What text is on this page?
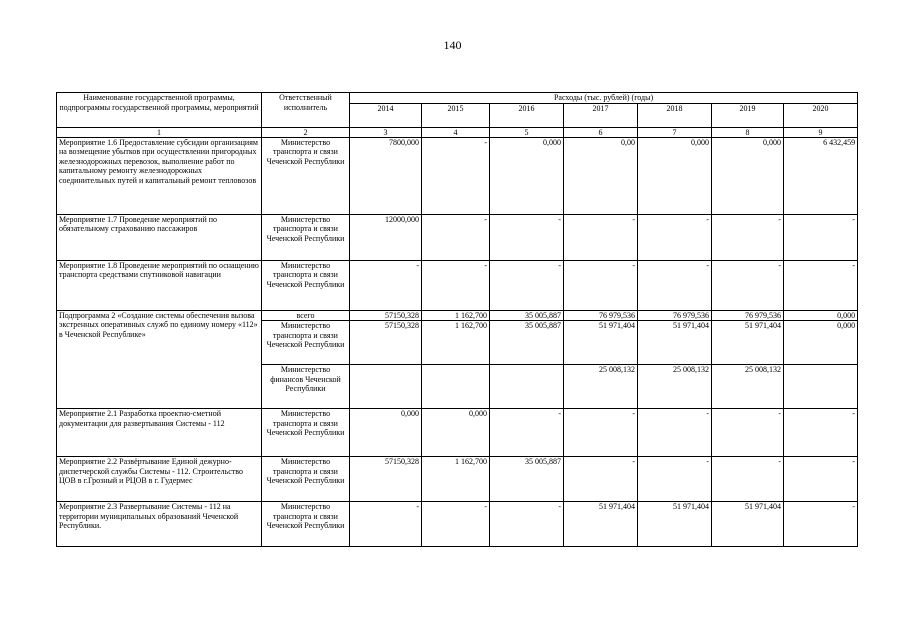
140
Наименование государственной программы, подпрограммы государственной программы, мероприятий	Ответственный исполнитель	Расходы (тыс. рублей) (годы)						
		2014	2015	2016	2017	2018	2019	2020
1	2	3	4	5	6	7	8	9
Мероприятие 1.6 Предоставление субсидии организациям на возмещение убытков при осуществлении пригородных железнодорожных перевозок, выполнение работ по капитальному ремонту железнодорожных соединительных путей и капитальный ремонт тепловозов	Министерство транспорта и связи Чеченской Республики	7800,000	-	0,000	0,00	0,000	0,000	6 432,459
Мероприятие 1.7 Проведение мероприятий по обязательному страхованию пассажиров	Министерство транспорта и связи Чеченской Республики	12000,000	-	-	-	-	-	-
Мероприятие 1.8 Проведение мероприятий по оснащению транспорта средствами спутниковой навигации	Министерство транспорта и связи Чеченской Республики	-	-	-	-	-	-	-
Подпрограмма 2 «Создание системы обеспечения вызова экстренных оперативных служб по единому номеру «112» в Чеченской Республике»	всего	57150,328	1 162,700	35 005,887	76 979,536	76 979,536	76 979,536	0,000
	Министерство транспорта и связи Чеченской Республики	57150,328	1 162,700	35 005,887	51 971,404	51 971,404	51 971,404	0,000
	Министерство финансов Чеченской Республики				25 008,132	25 008,132	25 008,132	
Мероприятие 2.1 Разработка проектно-сметной документации для развертывания Системы - 112	Министерство транспорта и связи Чеченской Республики	0,000	0,000	-	-	-	-	-
Мероприятие 2.2 Развёртывание Единой дежурно-диспетчерской службы Системы - 112. Строительство ЦОВ в г.Грозный и РЦОВ в г. Гудермес	Министерство транспорта и связи Чеченской Республики	57150,328	1 162,700	35 005,887	-	-	-	-
Мероприятие 2.3 Развертывание Системы - 112 на территории муниципальных образований Чеченской Республики.	Министерство транспорта и связи Чеченской Республики	-	-	-	51 971,404	51 971,404	51 971,404	-
